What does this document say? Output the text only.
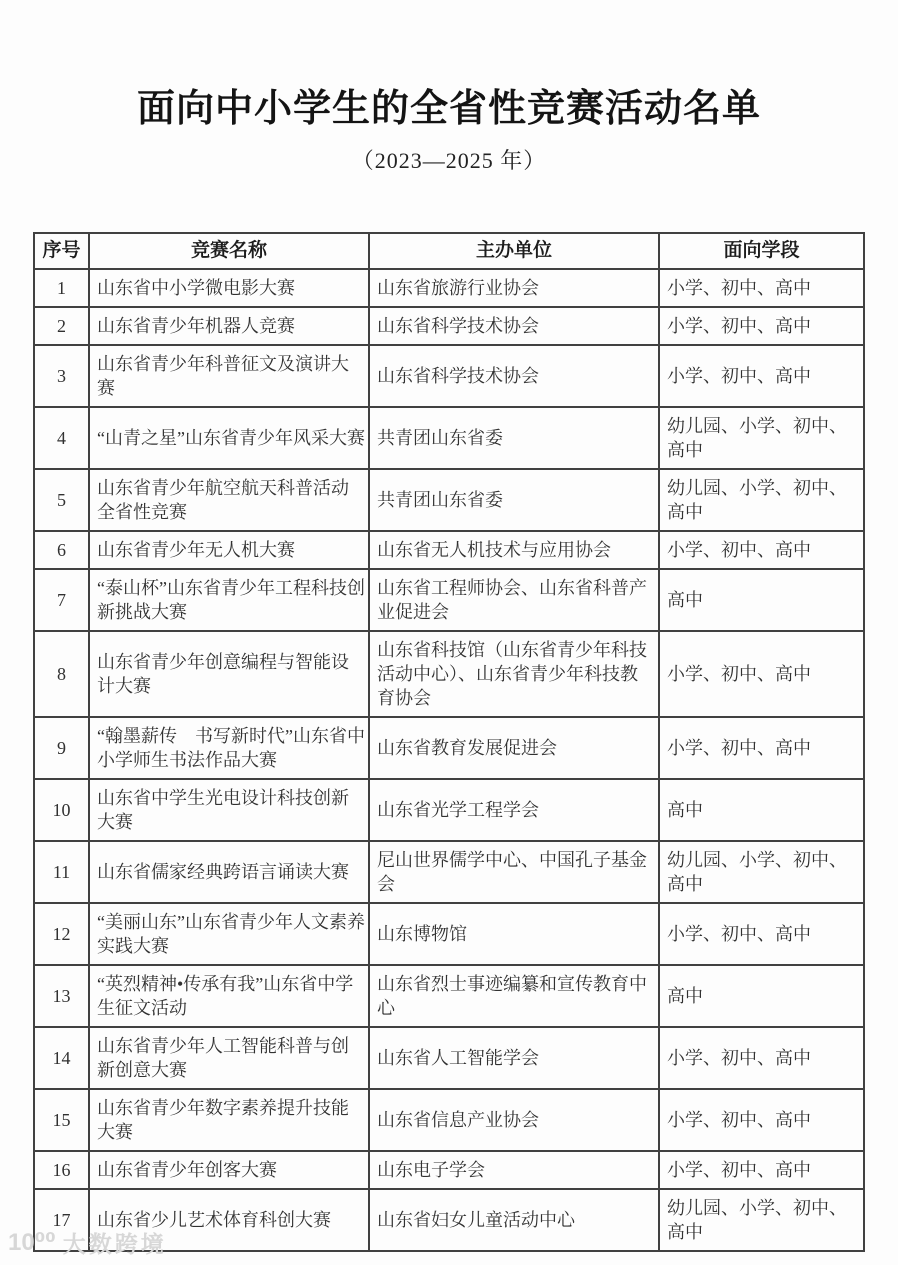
面向中小学生的全省性竞赛活动名单
（2023—2025 年）
序号	竞赛名称	主办单位	面向学段
1	山东省中小学微电影大赛	山东省旅游行业协会	小学、初中、高中
2	山东省青少年机器人竞赛	山东省科学技术协会	小学、初中、高中
3	山东省青少年科普征文及演讲大赛	山东省科学技术协会	小学、初中、高中
4	“山青之星”山东省青少年风采大赛	共青团山东省委	幼儿园、小学、初中、高中
5	山东省青少年航空航天科普活动全省性竞赛	共青团山东省委	幼儿园、小学、初中、高中
6	山东省青少年无人机大赛	山东省无人机技术与应用协会	小学、初中、高中
7	“泰山杯”山东省青少年工程科技创新挑战大赛	山东省工程师协会、山东省科普产业促进会	高中
8	山东省青少年创意编程与智能设计大赛	山东省科技馆（山东省青少年科技活动中心）、山东省青少年科技教育协会	小学、初中、高中
9	“翰墨薪传　书写新时代”山东省中小学师生书法作品大赛	山东省教育发展促进会	小学、初中、高中
10	山东省中学生光电设计科技创新大赛	山东省光学工程学会	高中
11	山东省儒家经典跨语言诵读大赛	尼山世界儒学中心、中国孔子基金会	幼儿园、小学、初中、高中
12	“美丽山东”山东省青少年人文素养实践大赛	山东博物馆	小学、初中、高中
13	“英烈精神•传承有我”山东省中学生征文活动	山东省烈士事迹编纂和宣传教育中心	高中
14	山东省青少年人工智能科普与创新创意大赛	山东省人工智能学会	小学、初中、高中
15	山东省青少年数字素养提升技能大赛	山东省信息产业协会	小学、初中、高中
16	山东省青少年创客大赛	山东电子学会	小学、初中、高中
17	山东省少儿艺术体育科创大赛	山东省妇女儿童活动中心	幼儿园、小学、初中、高中
10⁰⁰ 大数跨境
